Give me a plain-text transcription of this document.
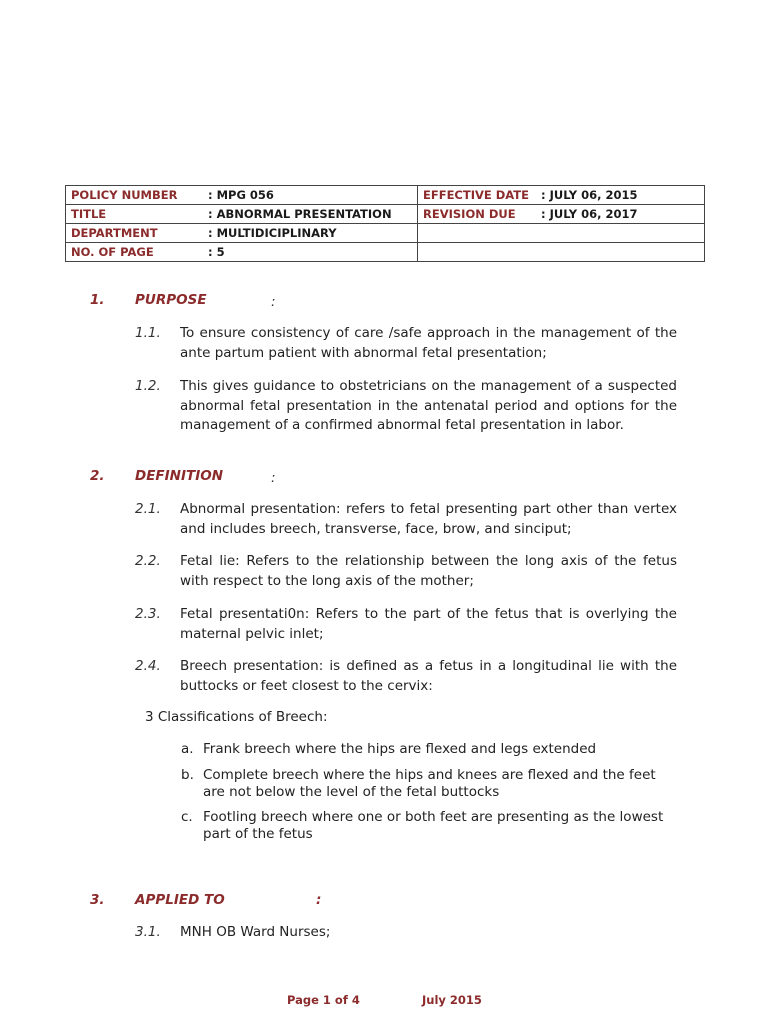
POLICY NUMBER : MPG 056	EFFECTIVE DATE : JULY 06, 2015

TITLE : ABNORMAL PRESENTATION	REVISION DUE : JULY 06, 2017

DEPARTMENT : MULTIDICIPLINARY	

NO. OF PAGE : 5	

1.	PURPOSE	:
1.1.	To ensure consistency of care /safe approach in the management of the ante partum patient with abnormal fetal presentation;
1.2.	This gives guidance to obstetricians on the management of a suspected abnormal fetal presentation in the antenatal period and options for the management of a confirmed abnormal fetal presentation in labor.
2.	DEFINITION	:
2.1.	Abnormal presentation: refers to fetal presenting part other than vertex and includes breech, transverse, face, brow, and sinciput;
2.2.	Fetal lie: Refers to the relationship between the long axis of the fetus with respect to the long axis of the mother;
2.3.	Fetal presentati0n: Refers to the part of the fetus that is overlying the maternal pelvic inlet;
2.4.	Breech presentation: is defined as a fetus in a longitudinal lie with the buttocks or feet closest to the cervix:
3 Classifications of Breech:
a. Frank breech where the hips are flexed and legs extended
b. Complete breech where the hips and knees are flexed and the feet are not below the level of the fetal buttocks
c. Footling breech where one or both feet are presenting as the lowest part of the fetus
3.	APPLIED TO	:
3.1.	MNH OB Ward Nurses;
Page 1 of 4	July 2015
